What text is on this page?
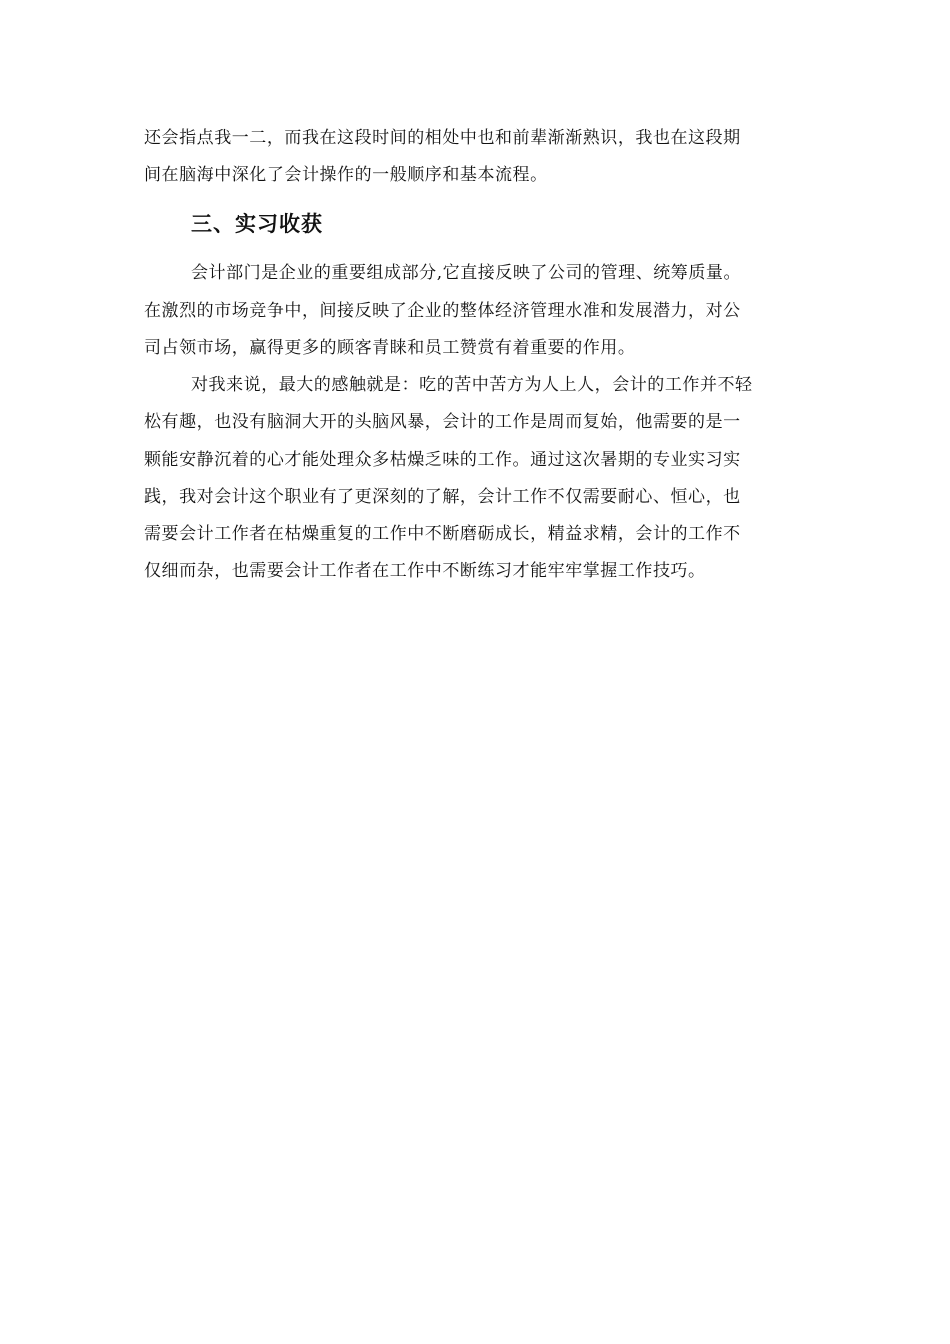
还会指点我一二，而我在这段时间的相处中也和前辈渐渐熟识，我也在这段期
间在脑海中深化了会计操作的一般顺序和基本流程。
三、实习收获
会计部门是企业的重要组成部分,它直接反映了公司的管理、统筹质量。
在激烈的市场竞争中，间接反映了企业的整体经济管理水准和发展潜力，对公
司占领市场，赢得更多的顾客青睐和员工赞赏有着重要的作用。
对我来说，最大的感触就是：吃的苦中苦方为人上人，会计的工作并不轻
松有趣，也没有脑洞大开的头脑风暴，会计的工作是周而复始，他需要的是一
颗能安静沉着的心才能处理众多枯燥乏味的工作。通过这次暑期的专业实习实
践，我对会计这个职业有了更深刻的了解，会计工作不仅需要耐心、恒心，也
需要会计工作者在枯燥重复的工作中不断磨砺成长，精益求精，会计的工作不
仅细而杂，也需要会计工作者在工作中不断练习才能牢牢掌握工作技巧。
